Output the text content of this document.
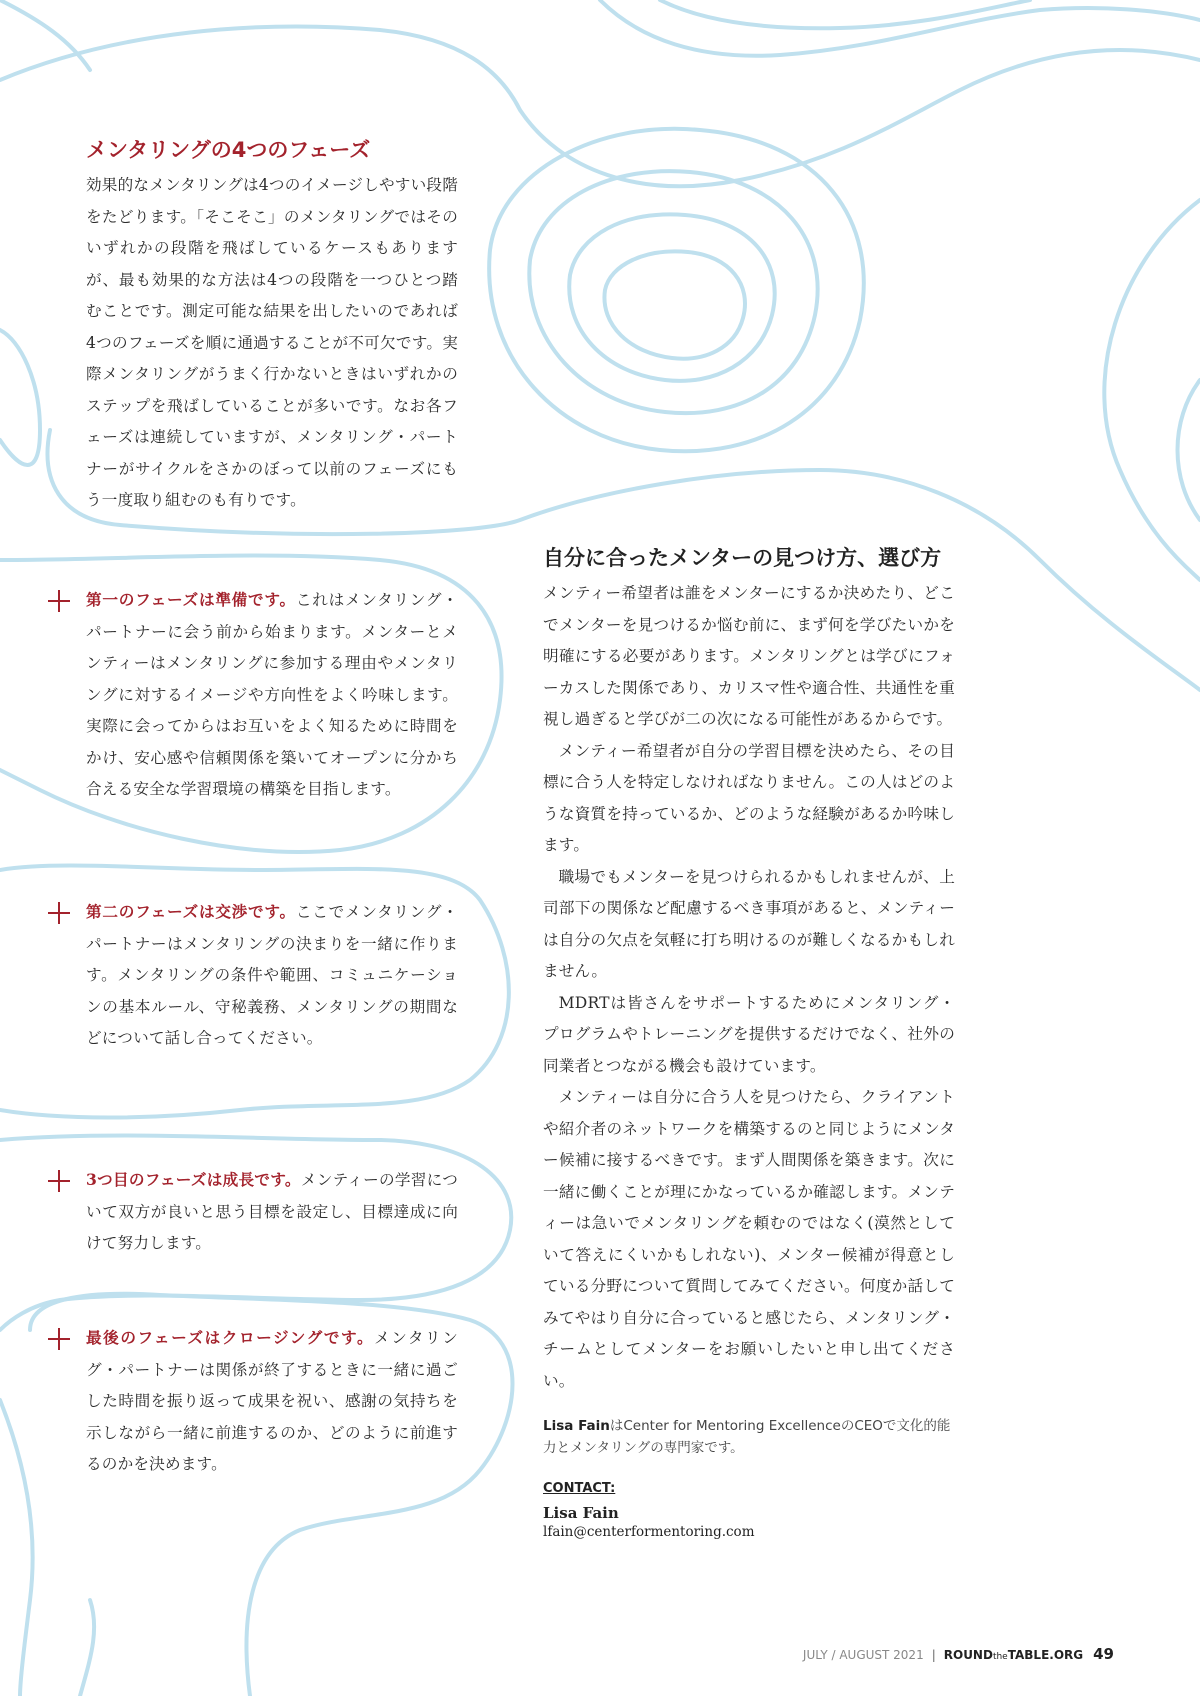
メンタリングの4つのフェーズ

効果的なメンタリングは4つのイメージしやすい段階をたどります。「そこそこ」のメンタリングではそのいずれかの段階を飛ばしているケースもありますが、最も効果的な方法は4つの段階を一つひとつ踏むことです。測定可能な結果を出したいのであれば4つのフェーズを順に通過することが不可欠です。実際メンタリングがうまく行かないときはいずれかのステップを飛ばしていることが多いです。なお各フェーズは連続していますが、メンタリング・パートナーがサイクルをさかのぼって以前のフェーズにもう一度取り組むのも有りです。

第一のフェーズは準備です。これはメンタリング・パートナーに会う前から始まります。メンターとメンティーはメンタリングに参加する理由やメンタリングに対するイメージや方向性をよく吟味します。実際に会ってからはお互いをよく知るために時間をかけ、安心感や信頼関係を築いてオープンに分かち合える安全な学習環境の構築を目指します。

第二のフェーズは交渉です。ここでメンタリング・パートナーはメンタリングの決まりを一緒に作ります。メンタリングの条件や範囲、コミュニケーションの基本ルール、守秘義務、メンタリングの期間などについて話し合ってください。

3つ目のフェーズは成長です。メンティーの学習について双方が良いと思う目標を設定し、目標達成に向けて努力します。

最後のフェーズはクロージングです。メンタリング・パートナーは関係が終了するときに一緒に過ごした時間を振り返って成果を祝い、感謝の気持ちを示しながら一緒に前進するのか、どのように前進するのかを決めます。

自分に合ったメンターの見つけ方、選び方

メンティー希望者は誰をメンターにするか決めたり、どこでメンターを見つけるか悩む前に、まず何を学びたいかを明確にする必要があります。メンタリングとは学びにフォーカスした関係であり、カリスマ性や適合性、共通性を重視し過ぎると学びが二の次になる可能性があるからです。

メンティー希望者が自分の学習目標を決めたら、その目標に合う人を特定しなければなりません。この人はどのような資質を持っているか、どのような経験があるか吟味します。

職場でもメンターを見つけられるかもしれませんが、上司部下の関係など配慮するべき事項があると、メンティーは自分の欠点を気軽に打ち明けるのが難しくなるかもしれません。

MDRTは皆さんをサポートするためにメンタリング・プログラムやトレーニングを提供するだけでなく、社外の同業者とつながる機会も設けています。

メンティーは自分に合う人を見つけたら、クライアントや紹介者のネットワークを構築するのと同じようにメンター候補に接するべきです。まず人間関係を築きます。次に一緒に働くことが理にかなっているか確認します。メンティーは急いでメンタリングを頼むのではなく(漠然としていて答えにくいかもしれない)、メンター候補が得意としている分野について質問してみてください。何度か話してみてやはり自分に合っていると感じたら、メンタリング・チームとしてメンターをお願いしたいと申し出てください。

Lisa FainはCenter for Mentoring ExcellenceのCEOで文化的能力とメンタリングの専門家です。

CONTACT:

Lisa Fain

lfain@centerformentoring.com

JULY / AUGUST 2021 | ROUNDtheTABLE.ORG 49
